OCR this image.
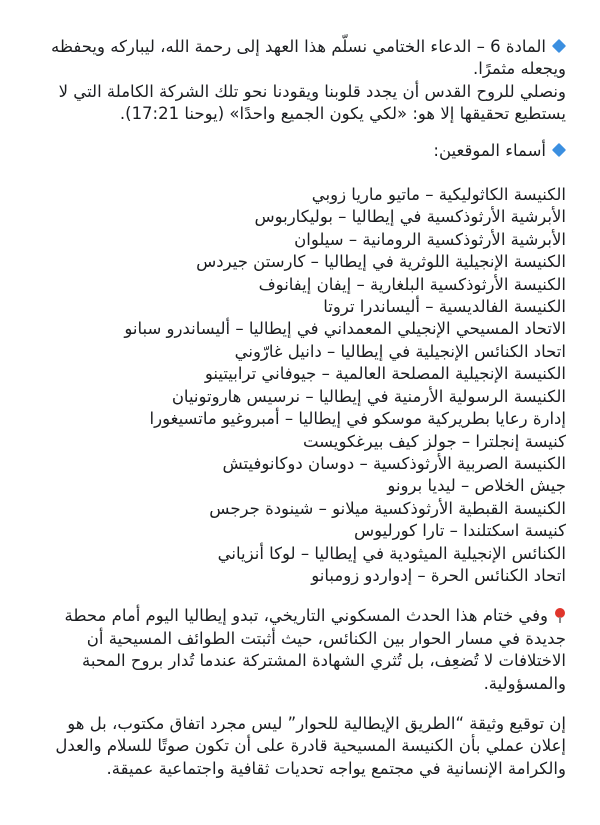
المادة 6 – الدعاء الختامي نسلّم هذا العهد إلى رحمة الله، ليباركه ويحفظه ويجعله مثمرًا.

ونصلي للروح القدس أن يجدد قلوبنا ويقودنا نحو تلك الشركة الكاملة التي لا يستطيع تحقيقها إلا هو: «لكي يكون الجميع واحدًا» (يوحنا 17:21).

أسماء الموقعين:

الكنيسة الكاثوليكية – ماتيو ماريا زوبي
الأبرشية الأرثوذكسية في إيطاليا – بوليكاربوس
الأبرشية الأرثوذكسية الرومانية – سيلوان
الكنيسة الإنجيلية اللوثرية في إيطاليا – كارستن جيردس
الكنيسة الأرثوذكسية البلغارية – إيفان إيفانوف
الكنيسة الفالديسية – أليساندرا تروتا
الاتحاد المسيحي الإنجيلي المعمداني في إيطاليا – أليساندرو سبانو
اتحاد الكنائس الإنجيلية في إيطاليا – دانيل غارّوني
الكنيسة الإنجيلية المصلحة العالمية – جيوفاني ترابيتينو
الكنيسة الرسولية الأرمنية في إيطاليا – نرسيس هاروتونيان
إدارة رعايا بطريركية موسكو في إيطاليا – أمبروغيو ماتسيغورا
كنيسة إنجلترا – جولز كيف بيرغكويست
الكنيسة الصربية الأرثوذكسية – دوسان دوكانوفيتش
جيش الخلاص – ليديا برونو
الكنيسة القبطية الأرثوذكسية ميلانو – شينودة جرجس
كنيسة اسكتلندا – تارا كورليوس
الكنائس الإنجيلية الميثودية في إيطاليا – لوكا أنزياني
اتحاد الكنائس الحرة – إدواردو زومبانو

وفي ختام هذا الحدث المسكوني التاريخي، تبدو إيطاليا اليوم أمام محطة جديدة في مسار الحوار بين الكنائس، حيث أثبتت الطوائف المسيحية أن الاختلافات لا تُضعِف، بل تُثري الشهادة المشتركة عندما تُدار بروح المحبة والمسؤولية.

إن توقيع وثيقة “الطريق الإيطالية للحوار” ليس مجرد اتفاق مكتوب، بل هو إعلان عملي بأن الكنيسة المسيحية قادرة على أن تكون صوتًا للسلام والعدل والكرامة الإنسانية في مجتمع يواجه تحديات ثقافية واجتماعية عميقة.
